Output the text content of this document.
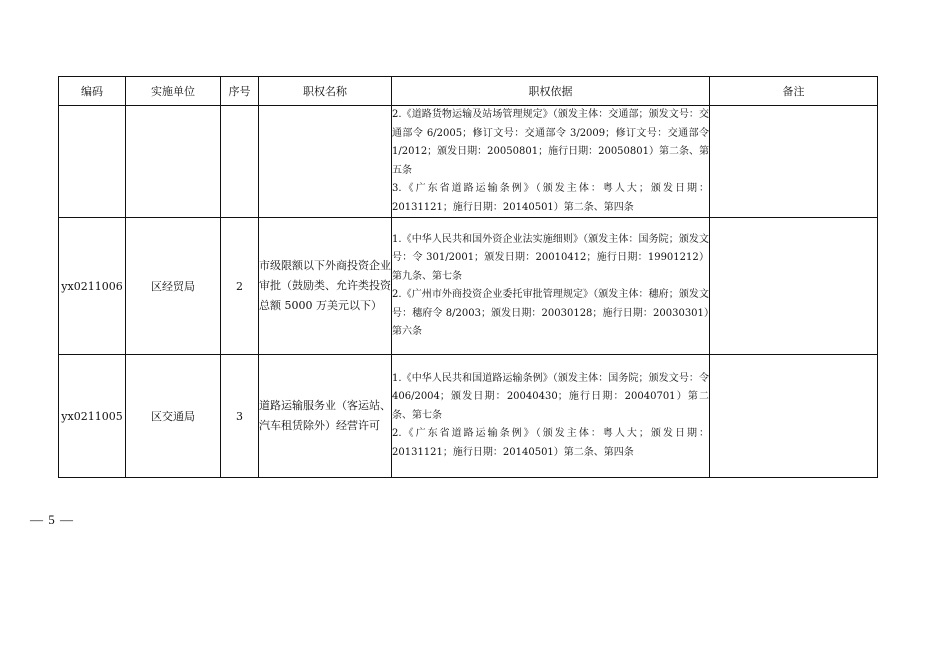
编码	实施单位	序号	职权名称	职权依据	备注

				2.《道路货物运输及站场管理规定》（颁发主体：交通部；颁发文号：交通部令 6/2005；修订文号：交通部令 3/2009；修订文号：交通部令 1/2012；颁发日期：20050801；施行日期：20050801）第二条、第五条

3.《广东省道路运输条例》（颁发主体：粤人大；颁发日期：20131121；施行日期：20140501）第二条、第四条	

yx0211006	区经贸局	2	市级限额以下外商投资企业审批（鼓励类、允许类投资总额 5000 万美元以下）	1.《中华人民共和国外资企业法实施细则》（颁发主体：国务院；颁发文号：令 301/2001；颁发日期：20010412；施行日期：19901212）第九条、第七条

2.《广州市外商投资企业委托审批管理规定》（颁发主体：穗府；颁发文号：穗府令 8/2003；颁发日期：20030128；施行日期：20030301）第六条	

yx0211005	区交通局	3	道路运输服务业（客运站、汽车租赁除外）经营许可	1.《中华人民共和国道路运输条例》（颁发主体：国务院；颁发文号：令 406/2004；颁发日期：20040430；施行日期：20040701）第二条、第七条

2.《广东省道路运输条例》（颁发主体：粤人大；颁发日期：20131121；施行日期：20140501）第二条、第四条	

— 5 —
